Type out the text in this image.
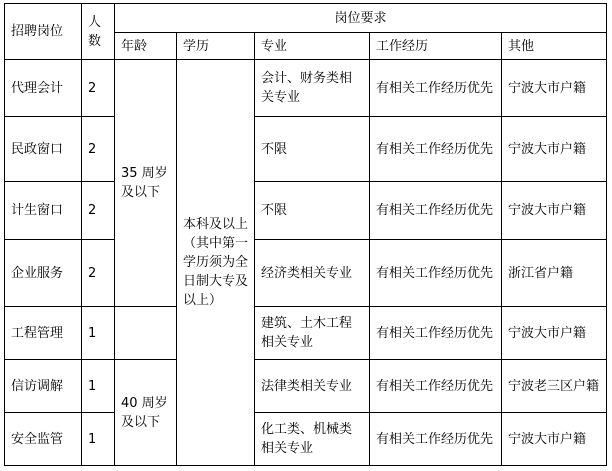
招聘岗位	人数	岗位要求				
		年龄	学历	专业	工作经历	其他
代理会计	2	35 周岁及以下	本科及以上（其中第一学历须为全日制大专及以上）	会计、财务类相关专业	有相关工作经历优先	宁波大市户籍
民政窗口	2			不限	有相关工作经历优先	宁波大市户籍
计生窗口	2			不限	有相关工作经历优先	宁波大市户籍
企业服务	2			经济类相关专业	有相关工作经历优先	浙江省户籍
工程管理	1			建筑、土木工程相关专业	有相关工作经历优先	宁波大市户籍
信访调解	1	40 周岁及以下		法律类相关专业	有相关工作经历优先	宁波老三区户籍
安全监管	1			化工类、机械类相关专业	有相关工作经历优先	宁波大市户籍
